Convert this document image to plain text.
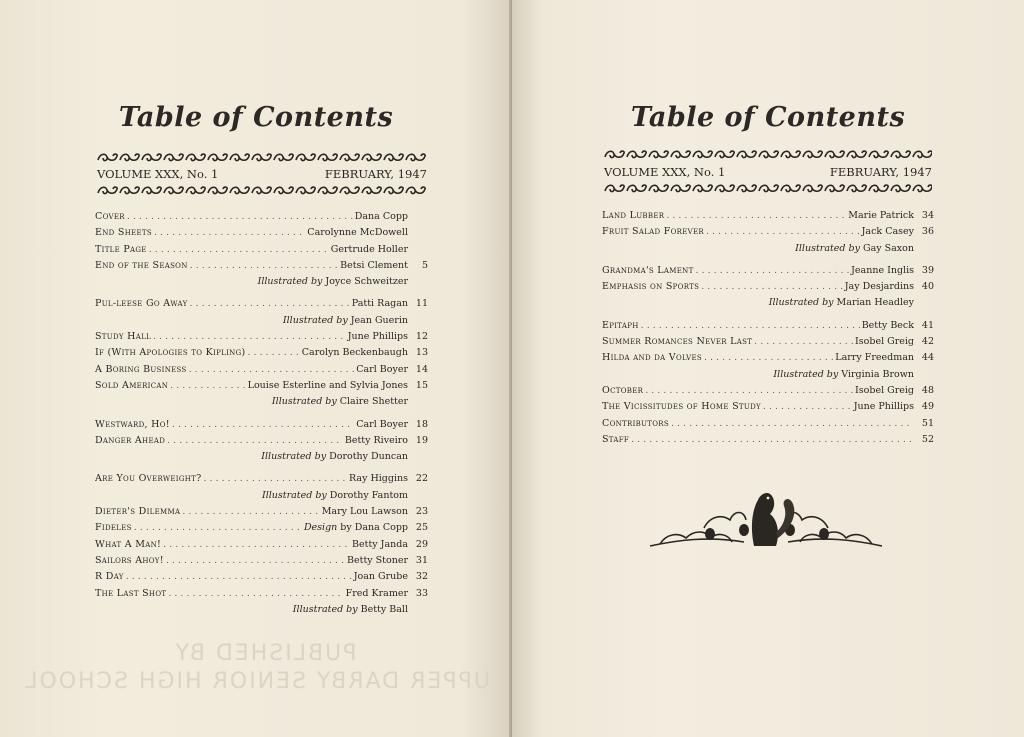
PUBLISHED BY
UPPER DARBY SENIOR HIGH SCHOOL
Table of Contents
VOLUME XXX, No. 1	FEBRUARY, 1947
Cover . . .	Dana Copp
End Sheets . . .	Carolynne McDowell
Title Page . . .	Gertrude Holler
End of the Season . . .	Betsi Clement	5
Illustrated by Joyce Schweitzer
Pul-leese Go Away . . .	Patti Ragan 11
Illustrated by Jean Guerin
Study Hall . . .	June Phillips 12
If (With Apologies to Kipling) . . .	Carolyn Beckenbaugh 13
A Boring Business . . .	Carl Boyer 14
Sold American . . .	Louise Esterline and Sylvia Jones 15
Illustrated by Claire Shetter
Westward, Ho! . . .	Carl Boyer 18
Danger Ahead . . .	Betty Riveiro 19
Illustrated by Dorothy Duncan
Are You Overweight? . . .	Ray Higgins 22
Illustrated by Dorothy Fantom
Dieter's Dilemma . . .	Mary Lou Lawson 23
Fideles . . .	Design by Dana Copp 25
What A Man! . . .	Betty Janda 29
Sailors Ahoy! . . .	Betty Stoner 31
R Day . . .	Joan Grube 32
The Last Shot . . .	Fred Kramer 33
Illustrated by Betty Ball
Table of Contents
VOLUME XXX, No. 1	FEBRUARY, 1947
Land Lubber . . .	Marie Patrick 34
Fruit Salad Forever . . .	Jack Casey 36
Illustrated by Gay Saxon
Grandma's Lament . . .	Jeanne Inglis 39
Emphasis on Sports . . .	Jay Desjardins 40
Illustrated by Marian Headley
Epitaph . . .	Betty Beck 41
Summer Romances Never Last . . .	Isobel Greig 42
Hilda and da Volves . . .	Larry Freedman 44
Illustrated by Virginia Brown
October . . .	Isobel Greig 48
The Vicissitudes of Home Study . . .	June Phillips 49
Contributors . . .	51
Staff . . .	52
